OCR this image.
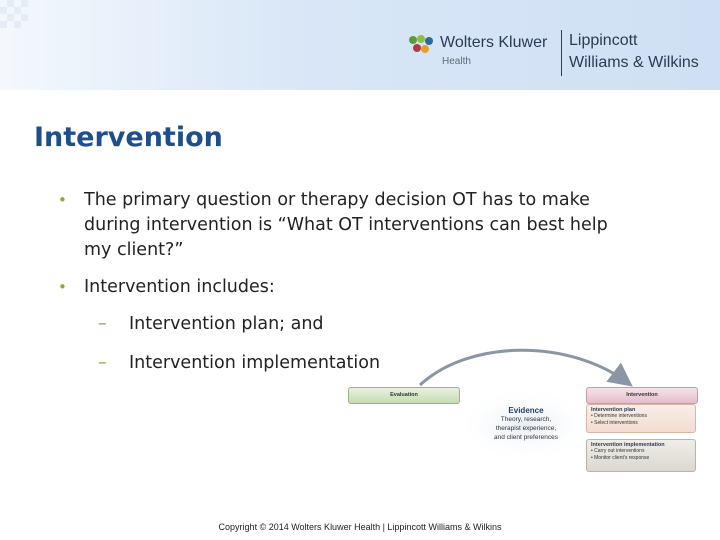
Wolters Kluwer
Health
Lippincott
Williams & Wilkins
Intervention
• The primary question or therapy decision OT has to make during intervention is “What OT interventions can best help my client?”
• Intervention includes:
– Intervention plan; and
– Intervention implementation
Evaluation	Intervention
Evidence
Theory, research,
therapist experience,
and client preferences
Intervention plan
• Determine interventions
• Select interventions
Intervention implementation
• Carry out interventions
• Monitor client's response
Copyright © 2014 Wolters Kluwer Health | Lippincott Williams & Wilkins
